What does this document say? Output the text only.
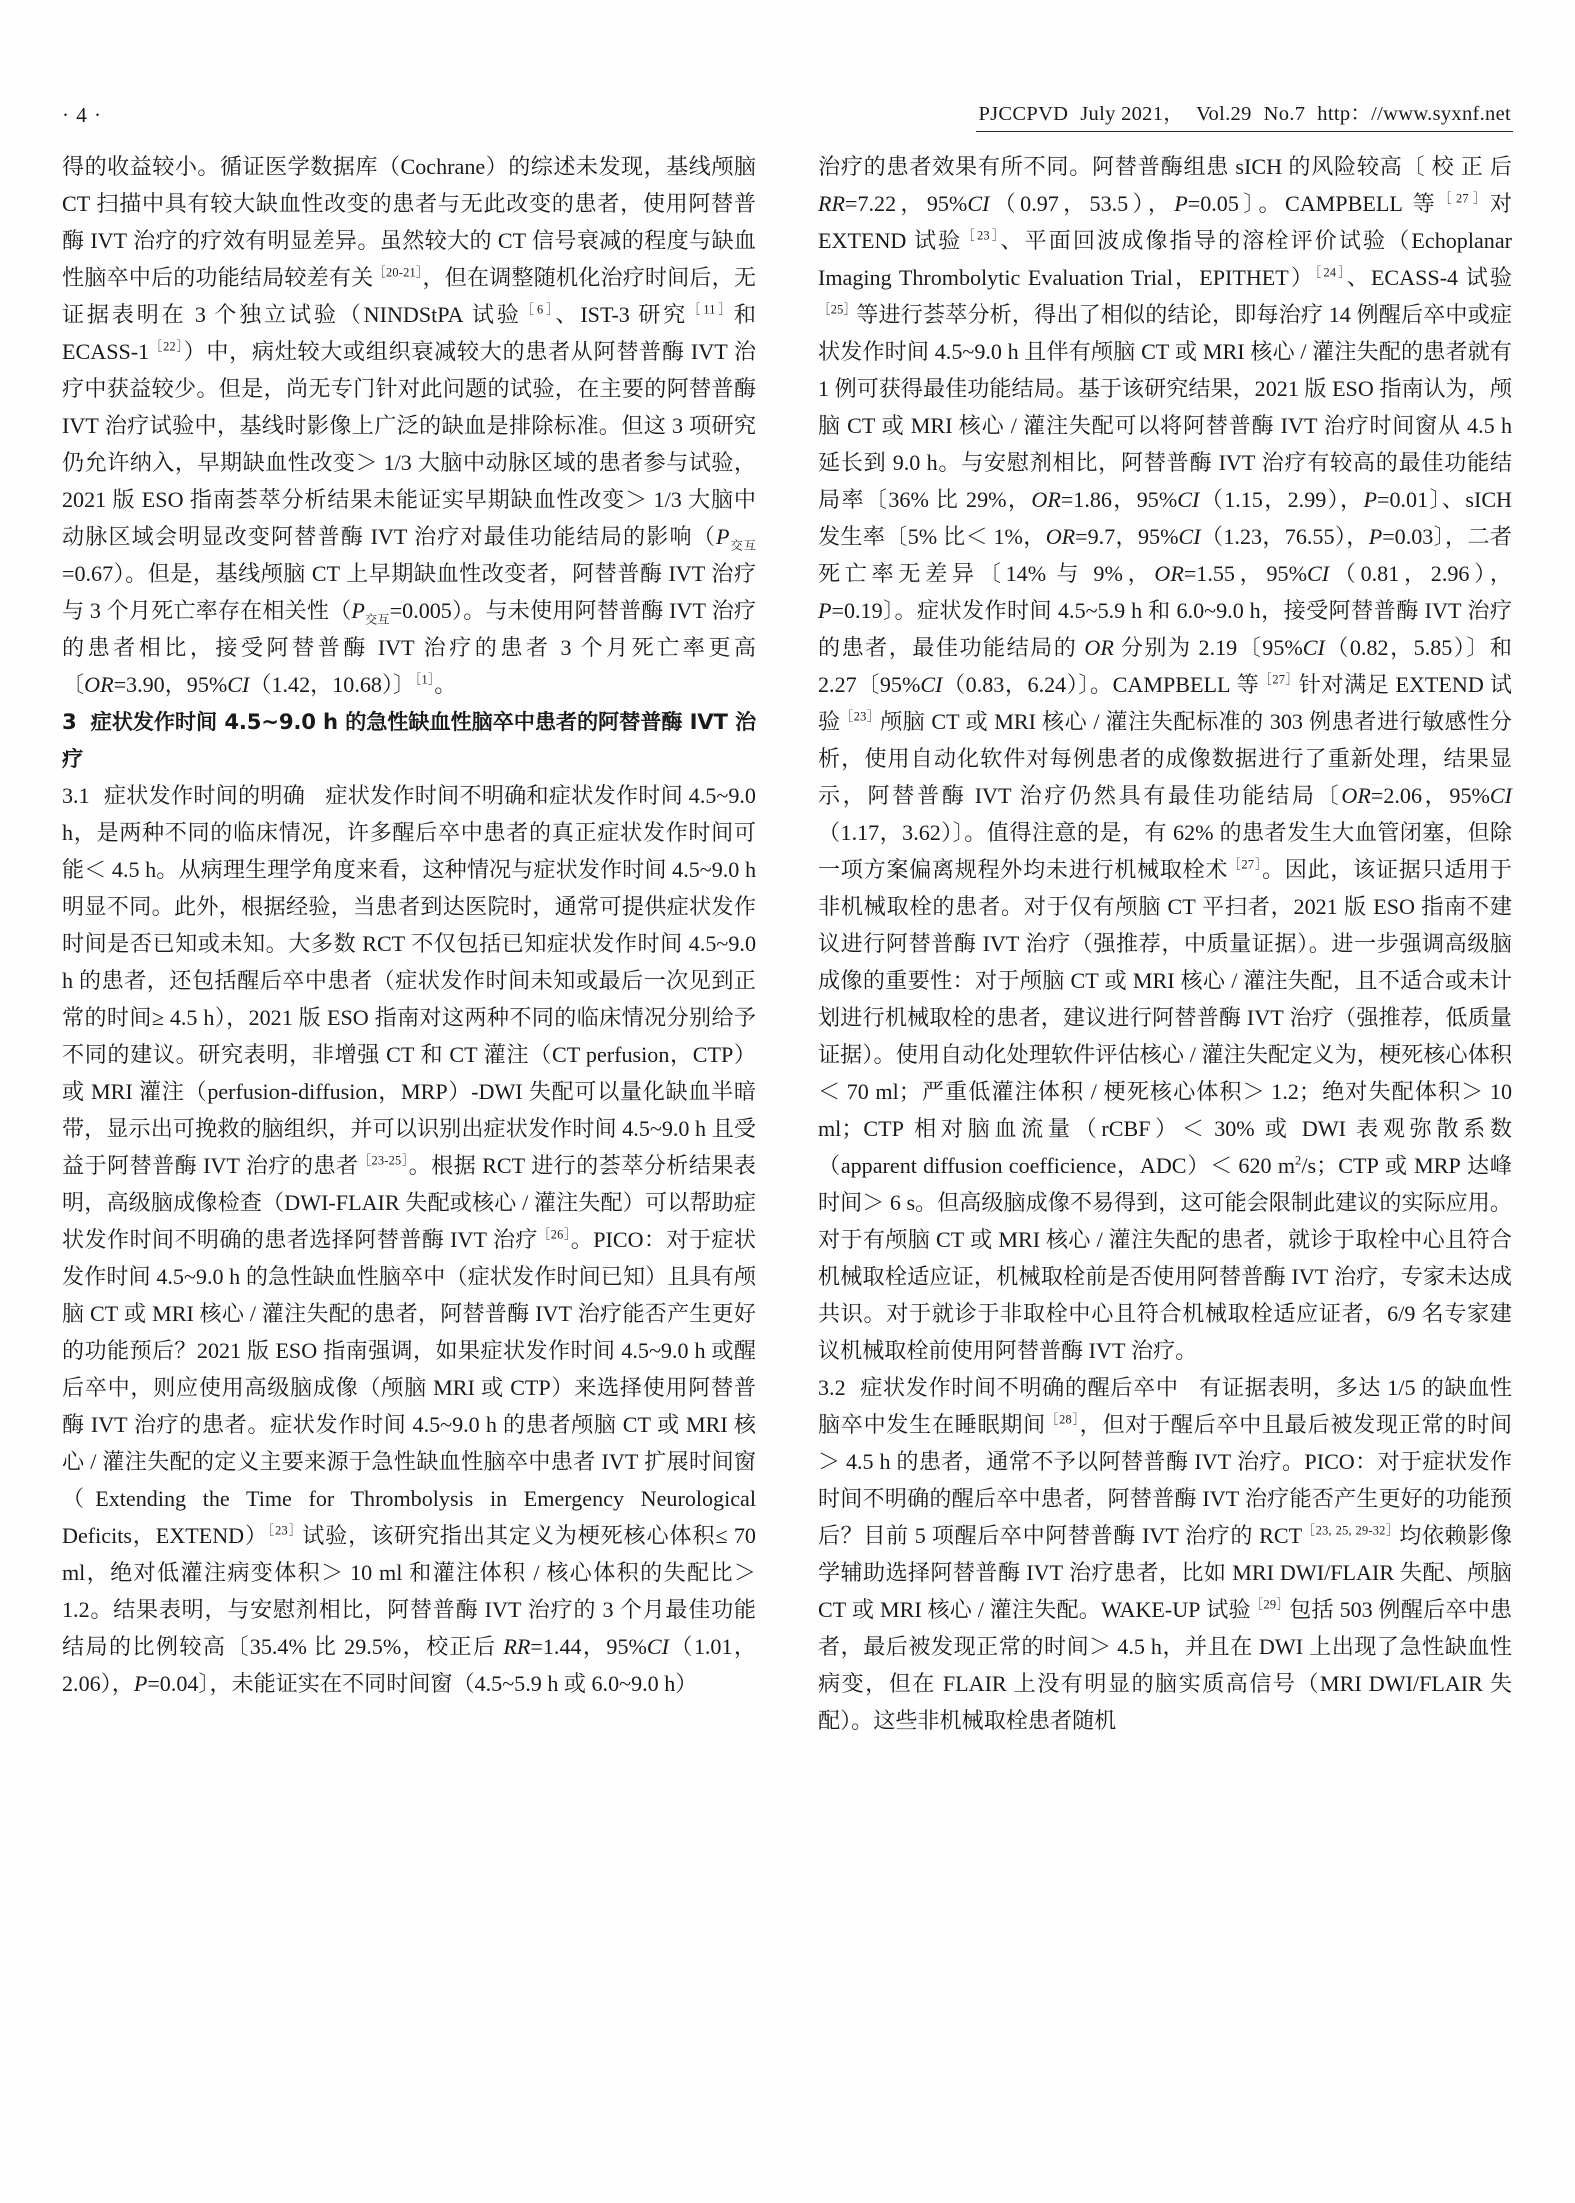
· 4 ·	PJCCPVD July 2021， Vol.29 No.7 http：//www.syxnf.net

得的收益较小。循证医学数据库（Cochrane）的综述未发现，基线颅脑 CT 扫描中具有较大缺血性改变的患者与无此改变的患者，使用阿替普酶 IVT 治疗的疗效有明显差异。虽然较大的 CT 信号衰减的程度与缺血性脑卒中后的功能结局较差有关$^{[20-21]}$，但在调整随机化治疗时间后，无证据表明在 3 个独立试验（NINDStPA 试验$^{[6]}$、IST-3 研究$^{[11]}$和 ECASS-1$^{[22]}$）中，病灶较大或组织衰减较大的患者从阿替普酶 IVT 治疗中获益较少。但是，尚无专门针对此问题的试验，在主要的阿替普酶 IVT 治疗试验中，基线时影像上广泛的缺血是排除标准。但这 3 项研究仍允许纳入，早期缺血性改变＞ 1/3 大脑中动脉区域的患者参与试验，2021 版 ESO 指南荟萃分析结果未能证实早期缺血性改变＞ 1/3 大脑中动脉区域会明显改变阿替普酶 IVT 治疗对最佳功能结局的影响$(P_{交互}=0.67)$。但是，基线颅脑 CT 上早期缺血性改变者，阿替普酶 IVT 治疗与 3 个月死亡率存在相关性$(P_{交互}=0.005)$。与未使用阿替普酶 IVT 治疗的患者相比，接受阿替普酶 IVT 治疗的患者 3 个月死亡率更高〔OR=3.90，95%CI（1.42，10.68）〕$^{[1]}$。

3 症状发作时间 4.5~9.0 h 的急性缺血性脑卒中患者的阿替普酶 IVT 治疗

3.1 症状发作时间的明确 症状发作时间不明确和症状发作时间 4.5~9.0 h，是两种不同的临床情况，许多醒后卒中患者的真正症状发作时间可能＜ 4.5 h。从病理生理学角度来看，这种情况与症状发作时间 4.5~9.0 h 明显不同。此外，根据经验，当患者到达医院时，通常可提供症状发作时间是否已知或未知。大多数 RCT 不仅包括已知症状发作时间 4.5~9.0 h 的患者，还包括醒后卒中患者（症状发作时间未知或最后一次见到正常的时间≥ 4.5 h），2021 版 ESO 指南对这两种不同的临床情况分别给予不同的建议。研究表明，非增强 CT 和 CT 灌注（CT perfusion，CTP）或 MRI 灌注（perfusion-diffusion，MRP）-DWI 失配可以量化缺血半暗带，显示出可挽救的脑组织，并可以识别出症状发作时间 4.5~9.0 h 且受益于阿替普酶 IVT 治疗的患者$^{[23-25]}$。根据 RCT 进行的荟萃分析结果表明，高级脑成像检查（DWI-FLAIR 失配或核心 / 灌注失配）可以帮助症状发作时间不明确的患者选择阿替普酶 IVT 治疗$^{[26]}$。PICO：对于症状发作时间 4.5~9.0 h 的急性缺血性脑卒中（症状发作时间已知）且具有颅脑 CT 或 MRI 核心 / 灌注失配的患者，阿替普酶 IVT 治疗能否产生更好的功能预后？2021 版 ESO 指南强调，如果症状发作时间 4.5~9.0 h 或醒后卒中，则应使用高级脑成像（颅脑 MRI 或 CTP）来选择使用阿替普酶 IVT 治疗的患者。症状发作时间 4.5~9.0 h 的患者颅脑 CT 或 MRI 核心 / 灌注失配的定义主要来源于急性缺血性脑卒中患者 IVT 扩展时间窗（Extending the Time for Thrombolysis in Emergency Neurological Deficits，EXTEND）$^{[23]}$试验，该研究指出其定义为梗死核心体积≤ 70 ml，绝对低灌注病变体积＞ 10 ml 和灌注体积 / 核心体积的失配比＞ 1.2。结果表明，与安慰剂相比，阿替普酶 IVT 治疗的 3 个月最佳功能结局的比例较高〔35.4% 比 29.5%，校正后 RR=1.44，95%CI（1.01，2.06），P=0.04〕，未能证实在不同时间窗（4.5~5.9 h 或 6.0~9.0 h）

治疗的患者效果有所不同。阿替普酶组患 sICH 的风险较高〔 校 正 后 RR=7.22，95%CI（0.97，53.5），P=0.05〕。CAMPBELL 等$^{[27]}$对 EXTEND 试验$^{[23]}$、平面回波成像指导的溶栓评价试验（Echoplanar Imaging Thrombolytic Evaluation Trial，EPITHET）$^{[24]}$、ECASS-4 试验$^{[25]}$等进行荟萃分析，得出了相似的结论，即每治疗 14 例醒后卒中或症状发作时间 4.5~9.0 h 且伴有颅脑 CT 或 MRI 核心 / 灌注失配的患者就有 1 例可获得最佳功能结局。基于该研究结果，2021 版 ESO 指南认为，颅脑 CT 或 MRI 核心 / 灌注失配可以将阿替普酶 IVT 治疗时间窗从 4.5 h 延长到 9.0 h。与安慰剂相比，阿替普酶 IVT 治疗有较高的最佳功能结局率〔36% 比 29%，OR=1.86，95%CI（1.15，2.99），P=0.01〕、sICH 发生率〔5% 比＜ 1%，OR=9.7，95%CI（1.23，76.55），P=0.03〕，二者死亡率无差异〔14% 与 9%，OR=1.55，95%CI（0.81，2.96），P=0.19〕。症状发作时间 4.5~5.9 h 和 6.0~9.0 h，接受阿替普酶 IVT 治疗的患者，最佳功能结局的 OR 分别为 2.19〔95%CI（0.82，5.85）〕和 2.27〔95%CI（0.83，6.24）〕。CAMPBELL 等$^{[27]}$针对满足 EXTEND 试验$^{[23]}$颅脑 CT 或 MRI 核心 / 灌注失配标准的 303 例患者进行敏感性分析，使用自动化软件对每例患者的成像数据进行了重新处理，结果显示，阿替普酶 IVT 治疗仍然具有最佳功能结局〔OR=2.06，95%CI（1.17，3.62）〕。值得注意的是，有 62% 的患者发生大血管闭塞，但除一项方案偏离规程外均未进行机械取栓术$^{[27]}$。因此，该证据只适用于非机械取栓的患者。对于仅有颅脑 CT 平扫者，2021 版 ESO 指南不建议进行阿替普酶 IVT 治疗（强推荐，中质量证据）。进一步强调高级脑成像的重要性：对于颅脑 CT 或 MRI 核心 / 灌注失配，且不适合或未计划进行机械取栓的患者，建议进行阿替普酶 IVT 治疗（强推荐，低质量证据）。使用自动化处理软件评估核心 / 灌注失配定义为，梗死核心体积＜ 70 ml；严重低灌注体积 / 梗死核心体积＞ 1.2；绝对失配体积＞ 10 ml；CTP 相对脑血流量（rCBF）＜ 30% 或 DWI 表观弥散系数（apparent diffusion coefficience，ADC）＜ 620 m$^2$/s；CTP 或 MRP 达峰时间＞ 6 s。但高级脑成像不易得到，这可能会限制此建议的实际应用。对于有颅脑 CT 或 MRI 核心 / 灌注失配的患者，就诊于取栓中心且符合机械取栓适应证，机械取栓前是否使用阿替普酶 IVT 治疗，专家未达成共识。对于就诊于非取栓中心且符合机械取栓适应证者，6/9 名专家建议机械取栓前使用阿替普酶 IVT 治疗。

3.2 症状发作时间不明确的醒后卒中 有证据表明，多达 1/5 的缺血性脑卒中发生在睡眠期间$^{[28]}$，但对于醒后卒中且最后被发现正常的时间＞ 4.5 h 的患者，通常不予以阿替普酶 IVT 治疗。PICO：对于症状发作时间不明确的醒后卒中患者，阿替普酶 IVT 治疗能否产生更好的功能预后？目前 5 项醒后卒中阿替普酶 IVT 治疗的 RCT$^{[23, 25, 29-32]}$均依赖影像学辅助选择阿替普酶 IVT 治疗患者，比如 MRI DWI/FLAIR 失配、颅脑 CT 或 MRI 核心 / 灌注失配。WAKE-UP 试验$^{[29]}$包括 503 例醒后卒中患者，最后被发现正常的时间＞ 4.5 h，并且在 DWI 上出现了急性缺血性病变，但在 FLAIR 上没有明显的脑实质高信号（MRI DWI/FLAIR 失配）。这些非机械取栓患者随机
